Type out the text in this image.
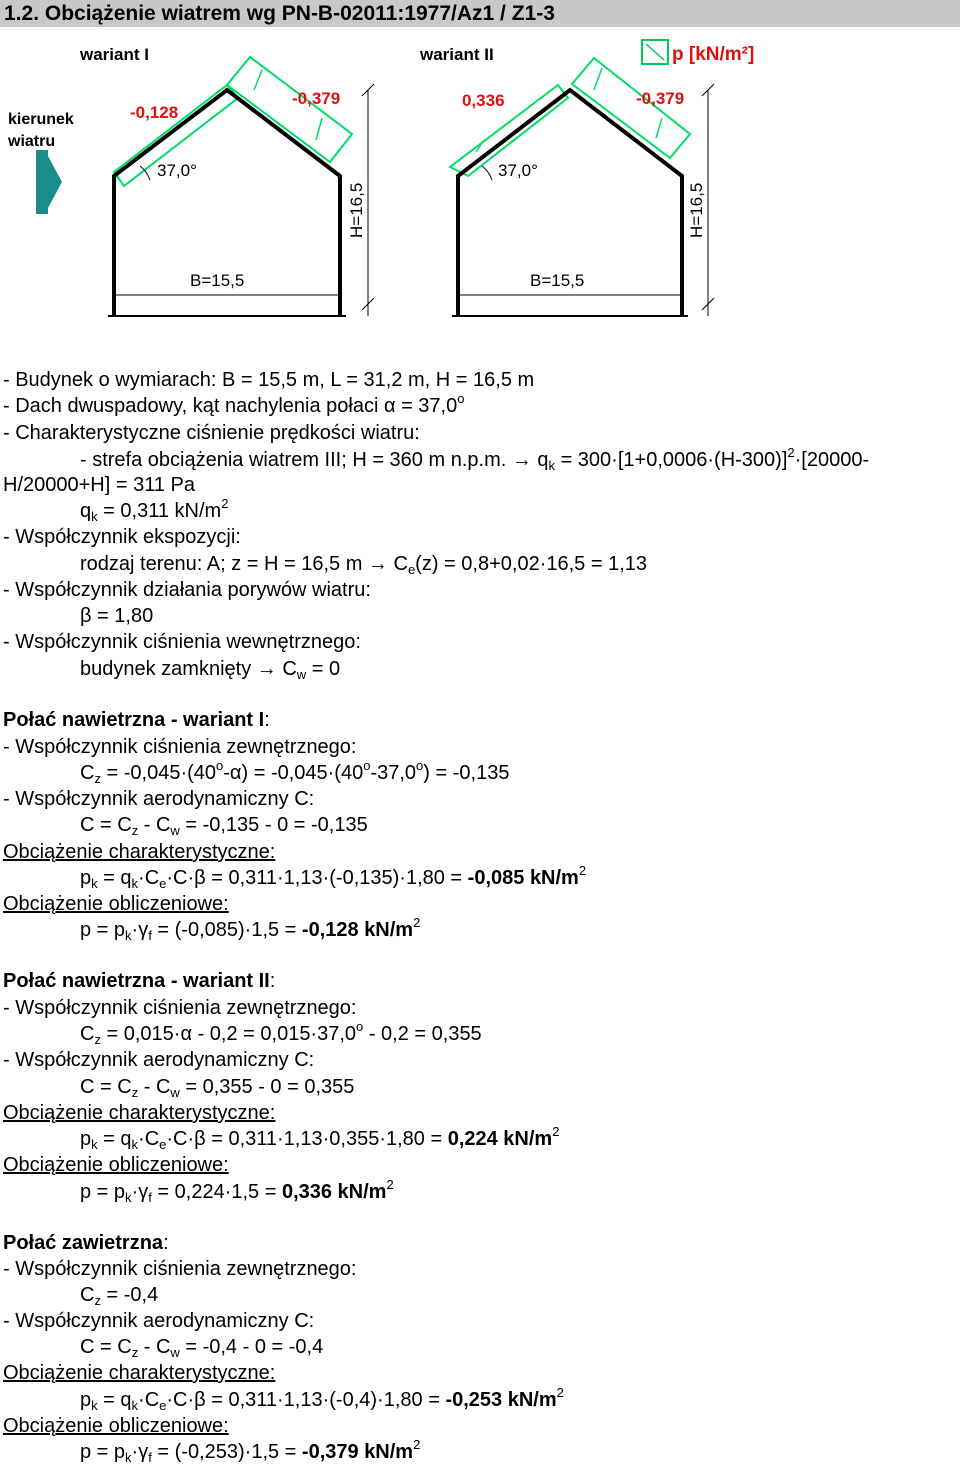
1.2. Obciążenie wiatrem wg PN-B-02011:1977/Az1 / Z1-3
wariant I	wariant II	p [kN/m²]
kierunek
wiatru
-0,128
-0,379
37,0°
B=15,5
H=16,5
0,336	-0,379
37,0°
B=15,5
H=16,5
- Budynek o wymiarach: B = 15,5 m, L = 31,2 m, H = 16,5 m
- Dach dwuspadowy, kąt nachylenia połaci $\alpha = 37,0^o$
- Charakterystyczne ciśnienie prędkości wiatru:
- strefa obciążenia wiatrem III; H = 360 m n.p.m. → $q_k = 300\cdot[1+0,0006\cdot(H-300)]^2\cdot[20000-$
H/20000+H] = 311 Pa
$q_k = 0,311$ $kN/m^2$
- Współczynnik ekspozycji:
rodzaj terenu: A; z = H = 16,5 $m \to C_e(z) = 0,8+0,02\cdot 16,5 = 1,13$
- Współczynnik działania porywów wiatru:
β = 1,80
- Współczynnik ciśnienia wewnętrznego:
budynek zamknięty → $C_w = 0$
Połać nawietrzna - wariant I:
- Współczynnik ciśnienia zewnętrznego:
$C_z = -0,045\cdot(40^o-\alpha) = -0,045\cdot(40^o-37,0^o) = -0,135$
- Współczynnik aerodynamiczny C:
$C = C_z - C_w = -0,135 - 0 = -0,135$
Obciążenie charakterystyczne:
$p_k = q_k\cdot C_e\cdot C\cdot\beta = 0,311\cdot 1,13\cdot(-0,135)\cdot 1,80 = -0,085$ $kN/m^2$
Obciążenie obliczeniowe:
$p = p_k\cdot\gamma_f = (-0,085)\cdot 1,5 = -0,128$ $kN/m^2$
Połać nawietrzna - wariant II:
- Współczynnik ciśnienia zewnętrznego:
$C_z = 0,015\cdot\alpha - 0,2 = 0,015\cdot 37,0^o - 0,2 = 0,355$
- Współczynnik aerodynamiczny C:
$C = C_z - C_w = 0,355 - 0 = 0,355$
Obciążenie charakterystyczne:
$p_k = q_k\cdot C_e\cdot C\cdot\beta = 0,311\cdot 1,13\cdot 0,355\cdot 1,80 = 0,224$ $kN/m^2$
Obciążenie obliczeniowe:
$p = p_k\cdot\gamma_f = 0,224\cdot 1,5 = 0,336$ $kN/m^2$
Połać zawietrzna:
- Współczynnik ciśnienia zewnętrznego:
$C_z = -0,4$
- Współczynnik aerodynamiczny C:
$C = C_z - C_w = -0,4 - 0 = -0,4$
Obciążenie charakterystyczne:
$p_k = q_k\cdot C_e\cdot C\cdot\beta = 0,311\cdot 1,13\cdot(-0,4)\cdot 1,80 = -0,253$ $kN/m^2$
Obciążenie obliczeniowe:
$p = p_k\cdot\gamma_f = (-0,253)\cdot 1,5 = -0,379$ $kN/m^2$
